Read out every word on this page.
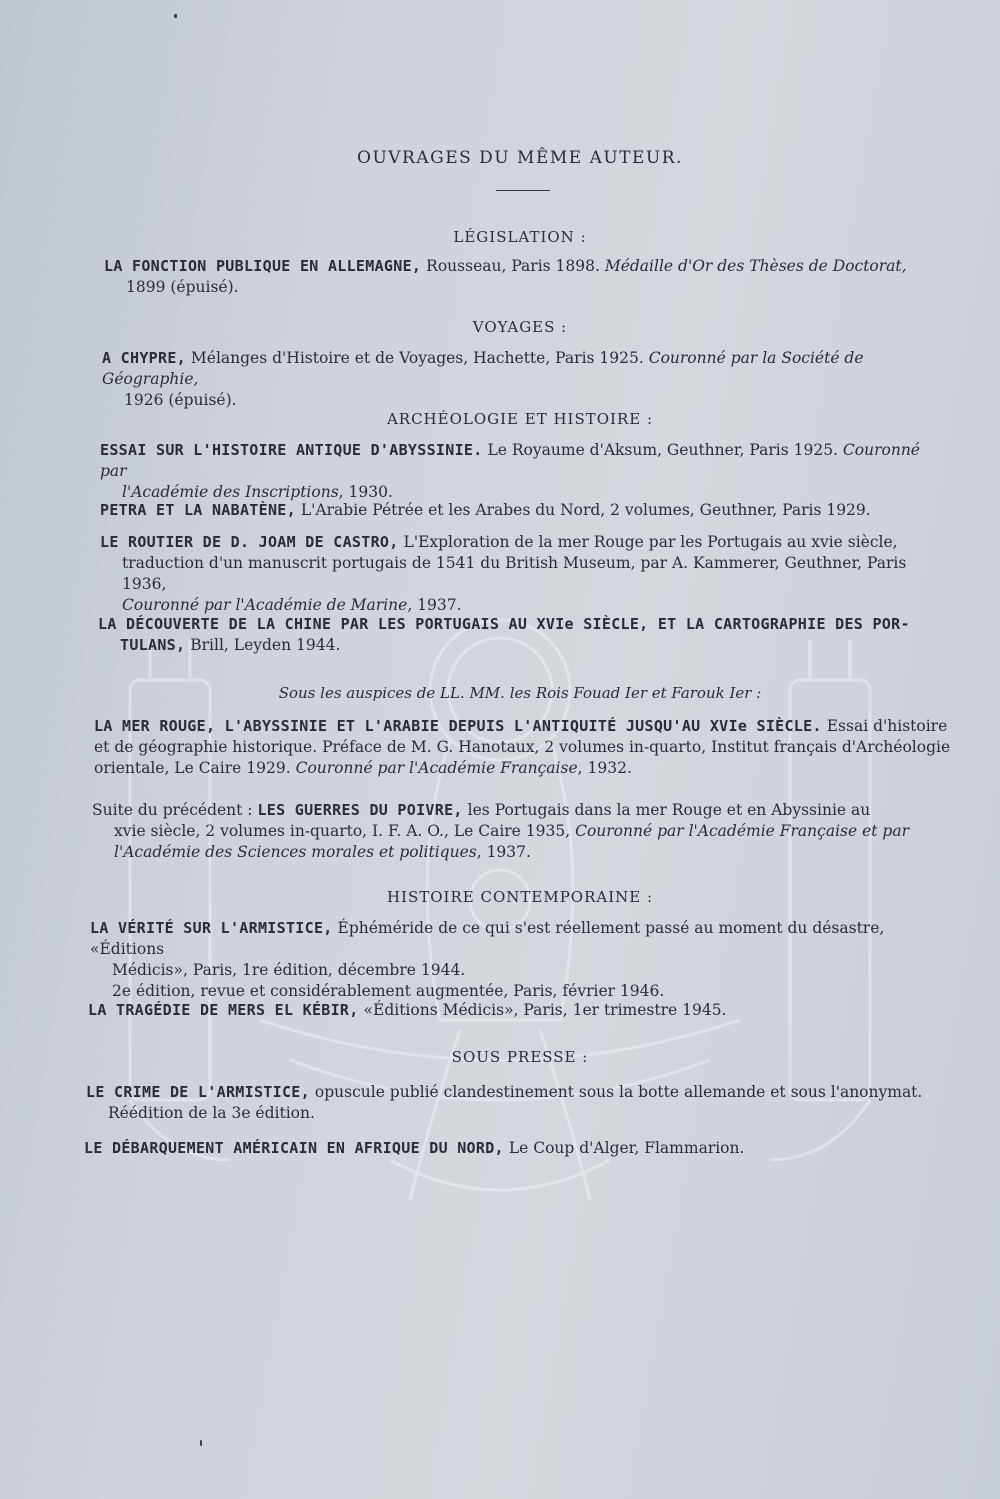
OUVRAGES DU MÊME AUTEUR.
LÉGISLATION :
LA FONCTION PUBLIQUE EN ALLEMAGNE, Rousseau, Paris 1898. Médaille d'Or des Thèses de Doctorat,
1899 (épuisé).
VOYAGES :
A CHYPRE, Mélanges d'Histoire et de Voyages, Hachette, Paris 1925. Couronné par la Société de Géographie,
1926 (épuisé).
ARCHÉOLOGIE ET HISTOIRE :
ESSAI SUR L'HISTOIRE ANTIQUE D'ABYSSINIE. Le Royaume d'Aksum, Geuthner, Paris 1925. Couronné par
l'Académie des Inscriptions, 1930.
PETRA ET LA NABATÈNE, L'Arabie Pétrée et les Arabes du Nord, 2 volumes, Geuthner, Paris 1929.
LE ROUTIER DE D. JOAM DE CASTRO, L'Exploration de la mer Rouge par les Portugais au xvie siècle,
traduction d'un manuscrit portugais de 1541 du British Museum, par A. Kammerer, Geuthner, Paris 1936,
Couronné par l'Académie de Marine, 1937.
LA DÉCOUVERTE DE LA CHINE PAR LES PORTUGAIS AU XVIe SIÈCLE, ET LA CARTOGRAPHIE DES POR-
TULANS, Brill, Leyden 1944.
Sous les auspices de LL. MM. les Rois Fouad Ier et Farouk Ier :
LA MER ROUGE, L'ABYSSINIE ET L'ARABIE DEPUIS L'ANTIQUITÉ JUSQU'AU XVIe SIÈCLE. Essai d'histoire
et de géographie historique. Préface de M. G. Hanotaux, 2 volumes in-quarto, Institut français d'Archéologie
orientale, Le Caire 1929. Couronné par l'Académie Française, 1932.
Suite du précédent : LES GUERRES DU POIVRE, les Portugais dans la mer Rouge et en Abyssinie au
xvie siècle, 2 volumes in-quarto, I. F. A. O., Le Caire 1935, Couronné par l'Académie Française et par
l'Académie des Sciences morales et politiques, 1937.
HISTOIRE CONTEMPORAINE :
LA VÉRITÉ SUR L'ARMISTICE, Éphéméride de ce qui s'est réellement passé au moment du désastre, «Éditions
Médicis», Paris, 1re édition, décembre 1944.
2e édition, revue et considérablement augmentée, Paris, février 1946.
LA TRAGÉDIE DE MERS EL KÉBIR, «Éditions Médicis», Paris, 1er trimestre 1945.
SOUS PRESSE :
LE CRIME DE L'ARMISTICE, opuscule publié clandestinement sous la botte allemande et sous l'anonymat.
Réédition de la 3e édition.
LE DÉBARQUEMENT AMÉRICAIN EN AFRIQUE DU NORD, Le Coup d'Alger, Flammarion.
